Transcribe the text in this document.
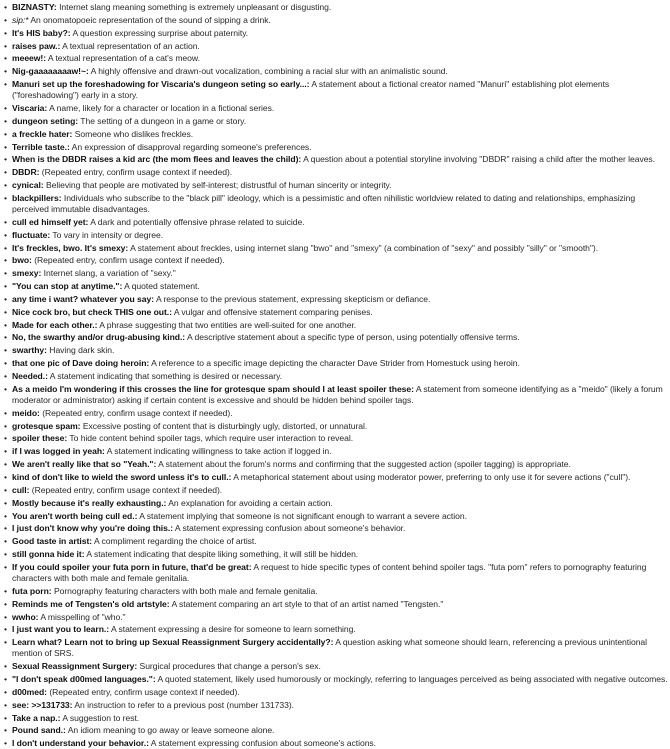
• BIZNASTY: Internet slang meaning something is extremely unpleasant or disgusting.
• sip:* An onomatopoeic representation of the sound of sipping a drink.
• It's HIS baby?: A question expressing surprise about paternity.
• raises paw.: A textual representation of an action.
• meeew!: A textual representation of a cat's meow.
• Nig-gaaaaaaaaw!~: A highly offensive and drawn-out vocalization, combining a racial slur with an animalistic sound.
• Manuri set up the foreshadowing for Viscaria's dungeon seting so early...: A statement about a fictional creator named "Manuri" establishing plot elements ("foreshadowing") early in a story.
• Viscaria: A name, likely for a character or location in a fictional series.
• dungeon seting: The setting of a dungeon in a game or story.
• a freckle hater: Someone who dislikes freckles.
• Terrible taste.: An expression of disapproval regarding someone's preferences.
• When is the DBDR raises a kid arc (the mom flees and leaves the child): A question about a potential storyline involving "DBDR" raising a child after the mother leaves.
• DBDR: (Repeated entry, confirm usage context if needed).
• cynical: Believing that people are motivated by self-interest; distrustful of human sincerity or integrity.
• blackpillers: Individuals who subscribe to the "black pill" ideology, which is a pessimistic and often nihilistic worldview related to dating and relationships, emphasizing perceived immutable disadvantages.
• cull ed himself yet: A dark and potentially offensive phrase related to suicide.
• fluctuate: To vary in intensity or degree.
• It's freckles, bwo. It's smexy: A statement about freckles, using internet slang "bwo" and "smexy" (a combination of "sexy" and possibly "silly" or "smooth").
• bwo: (Repeated entry, confirm usage context if needed).
• smexy: Internet slang, a variation of "sexy."
• "You can stop at anytime.": A quoted statement.
• any time i want? whatever you say: A response to the previous statement, expressing skepticism or defiance.
• Nice cock bro, but check THIS one out.: A vulgar and offensive statement comparing penises.
• Made for each other.: A phrase suggesting that two entities are well-suited for one another.
• No, the swarthy and/or drug-abusing kind.: A descriptive statement about a specific type of person, using potentially offensive terms.
• swarthy: Having dark skin.
• that one pic of Dave doing heroin: A reference to a specific image depicting the character Dave Strider from Homestuck using heroin.
• Needed.: A statement indicating that something is desired or necessary.
• As a meido I'm wondering if this crosses the line for grotesque spam should I at least spoiler these: A statement from someone identifying as a "meido" (likely a forum moderator or administrator) asking if certain content is excessive and should be hidden behind spoiler tags.
• meido: (Repeated entry, confirm usage context if needed).
• grotesque spam: Excessive posting of content that is disturbingly ugly, distorted, or unnatural.
• spoiler these: To hide content behind spoiler tags, which require user interaction to reveal.
• if I was logged in yeah: A statement indicating willingness to take action if logged in.
• We aren't really like that so "Yeah.": A statement about the forum's norms and confirming that the suggested action (spoiler tagging) is appropriate.
• kind of don't like to wield the sword unless it's to cull.: A metaphorical statement about using moderator power, preferring to only use it for severe actions ("cull").
• cull: (Repeated entry, confirm usage context if needed).
• Mostly because it's really exhausting.: An explanation for avoiding a certain action.
• You aren't worth being cull ed.: A statement implying that someone is not significant enough to warrant a severe action.
• I just don't know why you're doing this.: A statement expressing confusion about someone's behavior.
• Good taste in artist: A compliment regarding the choice of artist.
• still gonna hide it: A statement indicating that despite liking something, it will still be hidden.
• If you could spoiler your futa porn in future, that'd be great: A request to hide specific types of content behind spoiler tags. "futa porn" refers to pornography featuring characters with both male and female genitalia.
• futa porn: Pornography featuring characters with both male and female genitalia.
• Reminds me of Tengsten's old artstyle: A statement comparing an art style to that of an artist named "Tengsten."
• wwho: A misspelling of "who."
• I just want you to learn.: A statement expressing a desire for someone to learn something.
• Learn what? Learn not to bring up Sexual Reassignment Surgery accidentally?: A question asking what someone should learn, referencing a previous unintentional mention of SRS.
• Sexual Reassignment Surgery: Surgical procedures that change a person's sex.
• "I don't speak d00med languages.": A quoted statement, likely used humorously or mockingly, referring to languages perceived as being associated with negative outcomes.
• d00med: (Repeated entry, confirm usage context if needed).
• see: >>131733: An instruction to refer to a previous post (number 131733).
• Take a nap.: A suggestion to rest.
• Pound sand.: An idiom meaning to go away or leave someone alone.
• I don't understand your behavior.: A statement expressing confusion about someone's actions.
